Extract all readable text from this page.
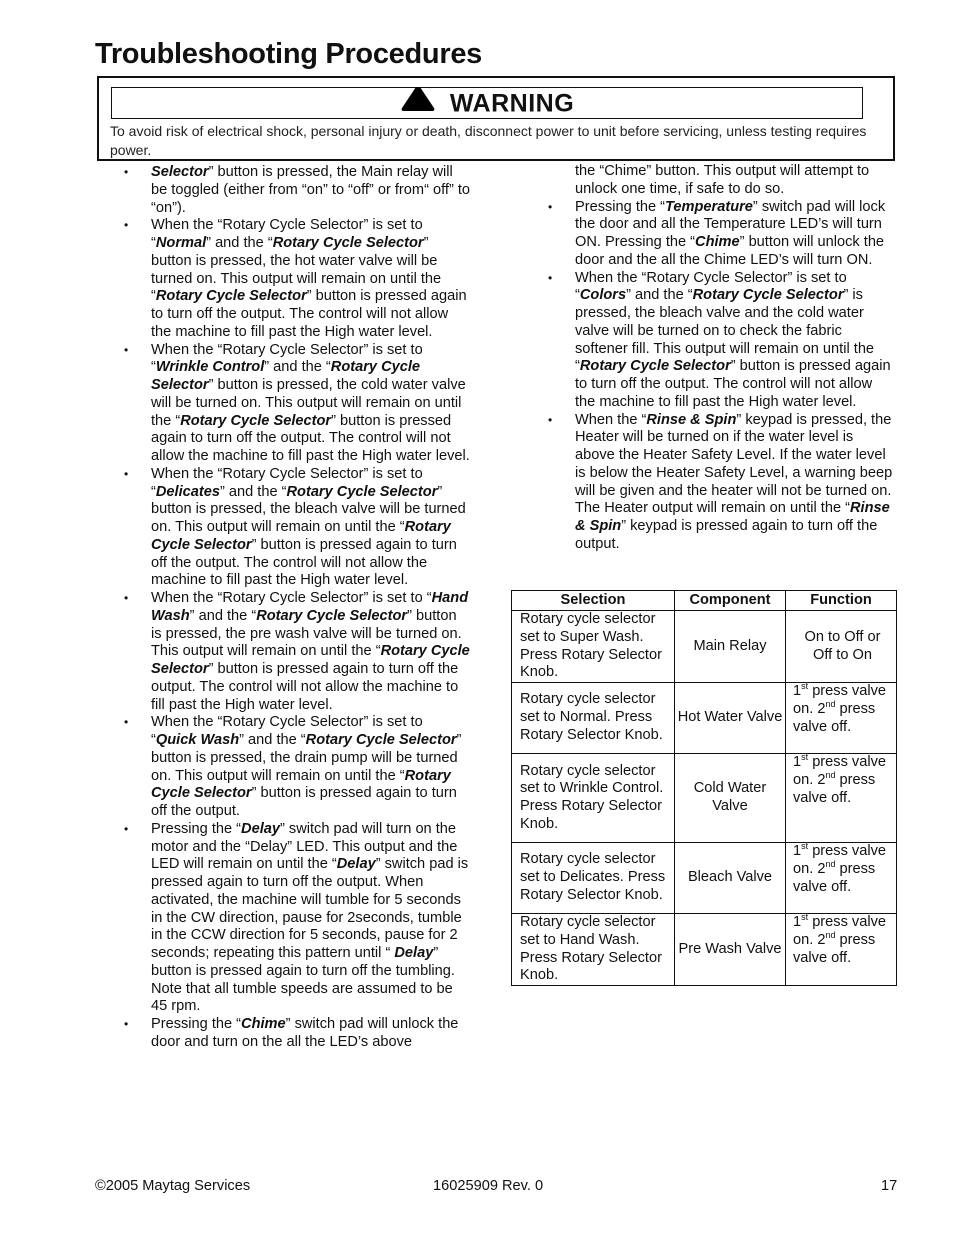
Troubleshooting Procedures
WARNING
To avoid risk of electrical shock, personal injury or death, disconnect power to unit before servicing, unless testing requires power.
• Selector” button is pressed, the Main relay will be toggled (either from “on” to “off” or from“ off” to “on”).
• When the “Rotary Cycle Selector” is set to “Normal” and the “Rotary Cycle Selector” button is pressed, the hot water valve will be turned on. This output will remain on until the “Rotary Cycle Selector” button is pressed again to turn off the output. The control will not allow the machine to fill past the High water level.
• When the “Rotary Cycle Selector” is set to “Wrinkle Control” and the “Rotary Cycle Selector” button is pressed, the cold water valve will be turned on. This output will remain on until the “Rotary Cycle Selector” button is pressed again to turn off the output. The control will not allow the machine to fill past the High water level.
• When the “Rotary Cycle Selector” is set to “Delicates” and the “Rotary Cycle Selector” button is pressed, the bleach valve will be turned on. This output will remain on until the “Rotary Cycle Selector” button is pressed again to turn off the output. The control will not allow the machine to fill past the High water level.
• When the “Rotary Cycle Selector” is set to “Hand Wash” and the “Rotary Cycle Selector” button is pressed, the pre wash valve will be turned on. This output will remain on until the “Rotary Cycle Selector” button is pressed again to turn off the output. The control will not allow the machine to fill past the High water level.
• When the “Rotary Cycle Selector” is set to “Quick Wash” and the “Rotary Cycle Selector” button is pressed, the drain pump will be turned on. This output will remain on until the “Rotary Cycle Selector” button is pressed again to turn off the output.
• Pressing the “Delay” switch pad will turn on the motor and the “Delay” LED. This output and the LED will remain on until the “Delay” switch pad is pressed again to turn off the output. When activated, the machine will tumble for 5 seconds in the CW direction, pause for 2seconds, tumble in the CCW direction for 5 seconds, pause for 2 seconds; repeating this pattern until “ Delay” button is pressed again to turn off the tumbling. Note that all tumble speeds are assumed to be 45 rpm.
• Pressing the “Chime” switch pad will unlock the door and turn on the all the LED’s above
the “Chime” button. This output will attempt to unlock one time, if safe to do so.
• Pressing the “Temperature” switch pad will lock the door and all the Temperature LED’s will turn ON. Pressing the “Chime” button will unlock the door and the all the Chime LED’s will turn ON.
• When the “Rotary Cycle Selector” is set to “Colors” and the “Rotary Cycle Selector” is pressed, the bleach valve and the cold water valve will be turned on to check the fabric softener fill. This output will remain on until the “Rotary Cycle Selector” button is pressed again to turn off the output. The control will not allow the machine to fill past the High water level.
• When the “Rinse & Spin” keypad is pressed, the Heater will be turned on if the water level is above the Heater Safety Level. If the water level is below the Heater Safety Level, a warning beep will be given and the heater will not be turned on. The Heater output will remain on until the “Rinse & Spin” keypad is pressed again to turn off the output.
Selection	Component	Function
Rotary cycle selector set to Super Wash. Press Rotary Selector Knob.	Main Relay	On to Off or Off to On
Rotary cycle selector set to Normal. Press Rotary Selector Knob.	Hot Water Valve	1st press valve on. 2nd press valve off.
Rotary cycle selector set to Wrinkle Control. Press Rotary Selector Knob.	Cold Water Valve	1st press valve on. 2nd press valve off.
Rotary cycle selector set to Delicates. Press Rotary Selector Knob.	Bleach Valve	1st press valve on. 2nd press valve off.
Rotary cycle selector set to Hand Wash. Press Rotary Selector Knob.	Pre Wash Valve	1st press valve on. 2nd press valve off.
©2005 Maytag Services	16025909 Rev. 0	17
